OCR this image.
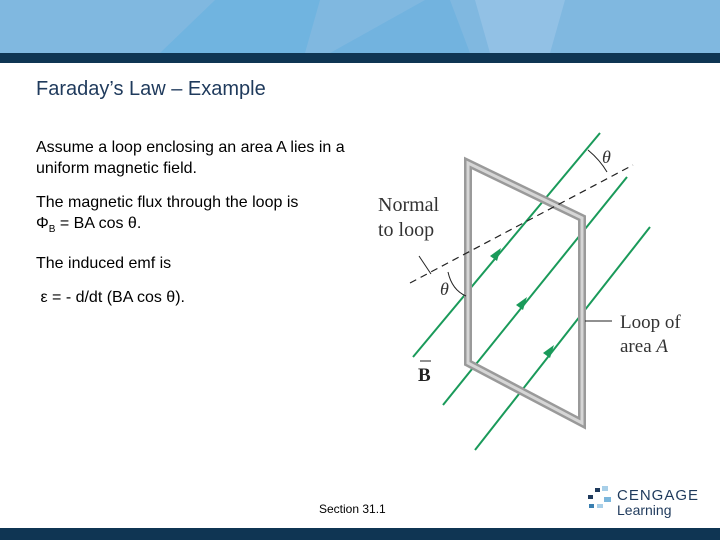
Faraday’s Law – Example

Assume a loop enclosing an area A lies in a uniform magnetic field.

The magnetic flux through the loop is
$\Phi_B$ = BA cos θ.

The induced emf is

ε = - d/dt (BA cos θ).

Normal
to loop
θ
θ
Loop of
area A
B
Section 31.1
CENGAGE
Learning
